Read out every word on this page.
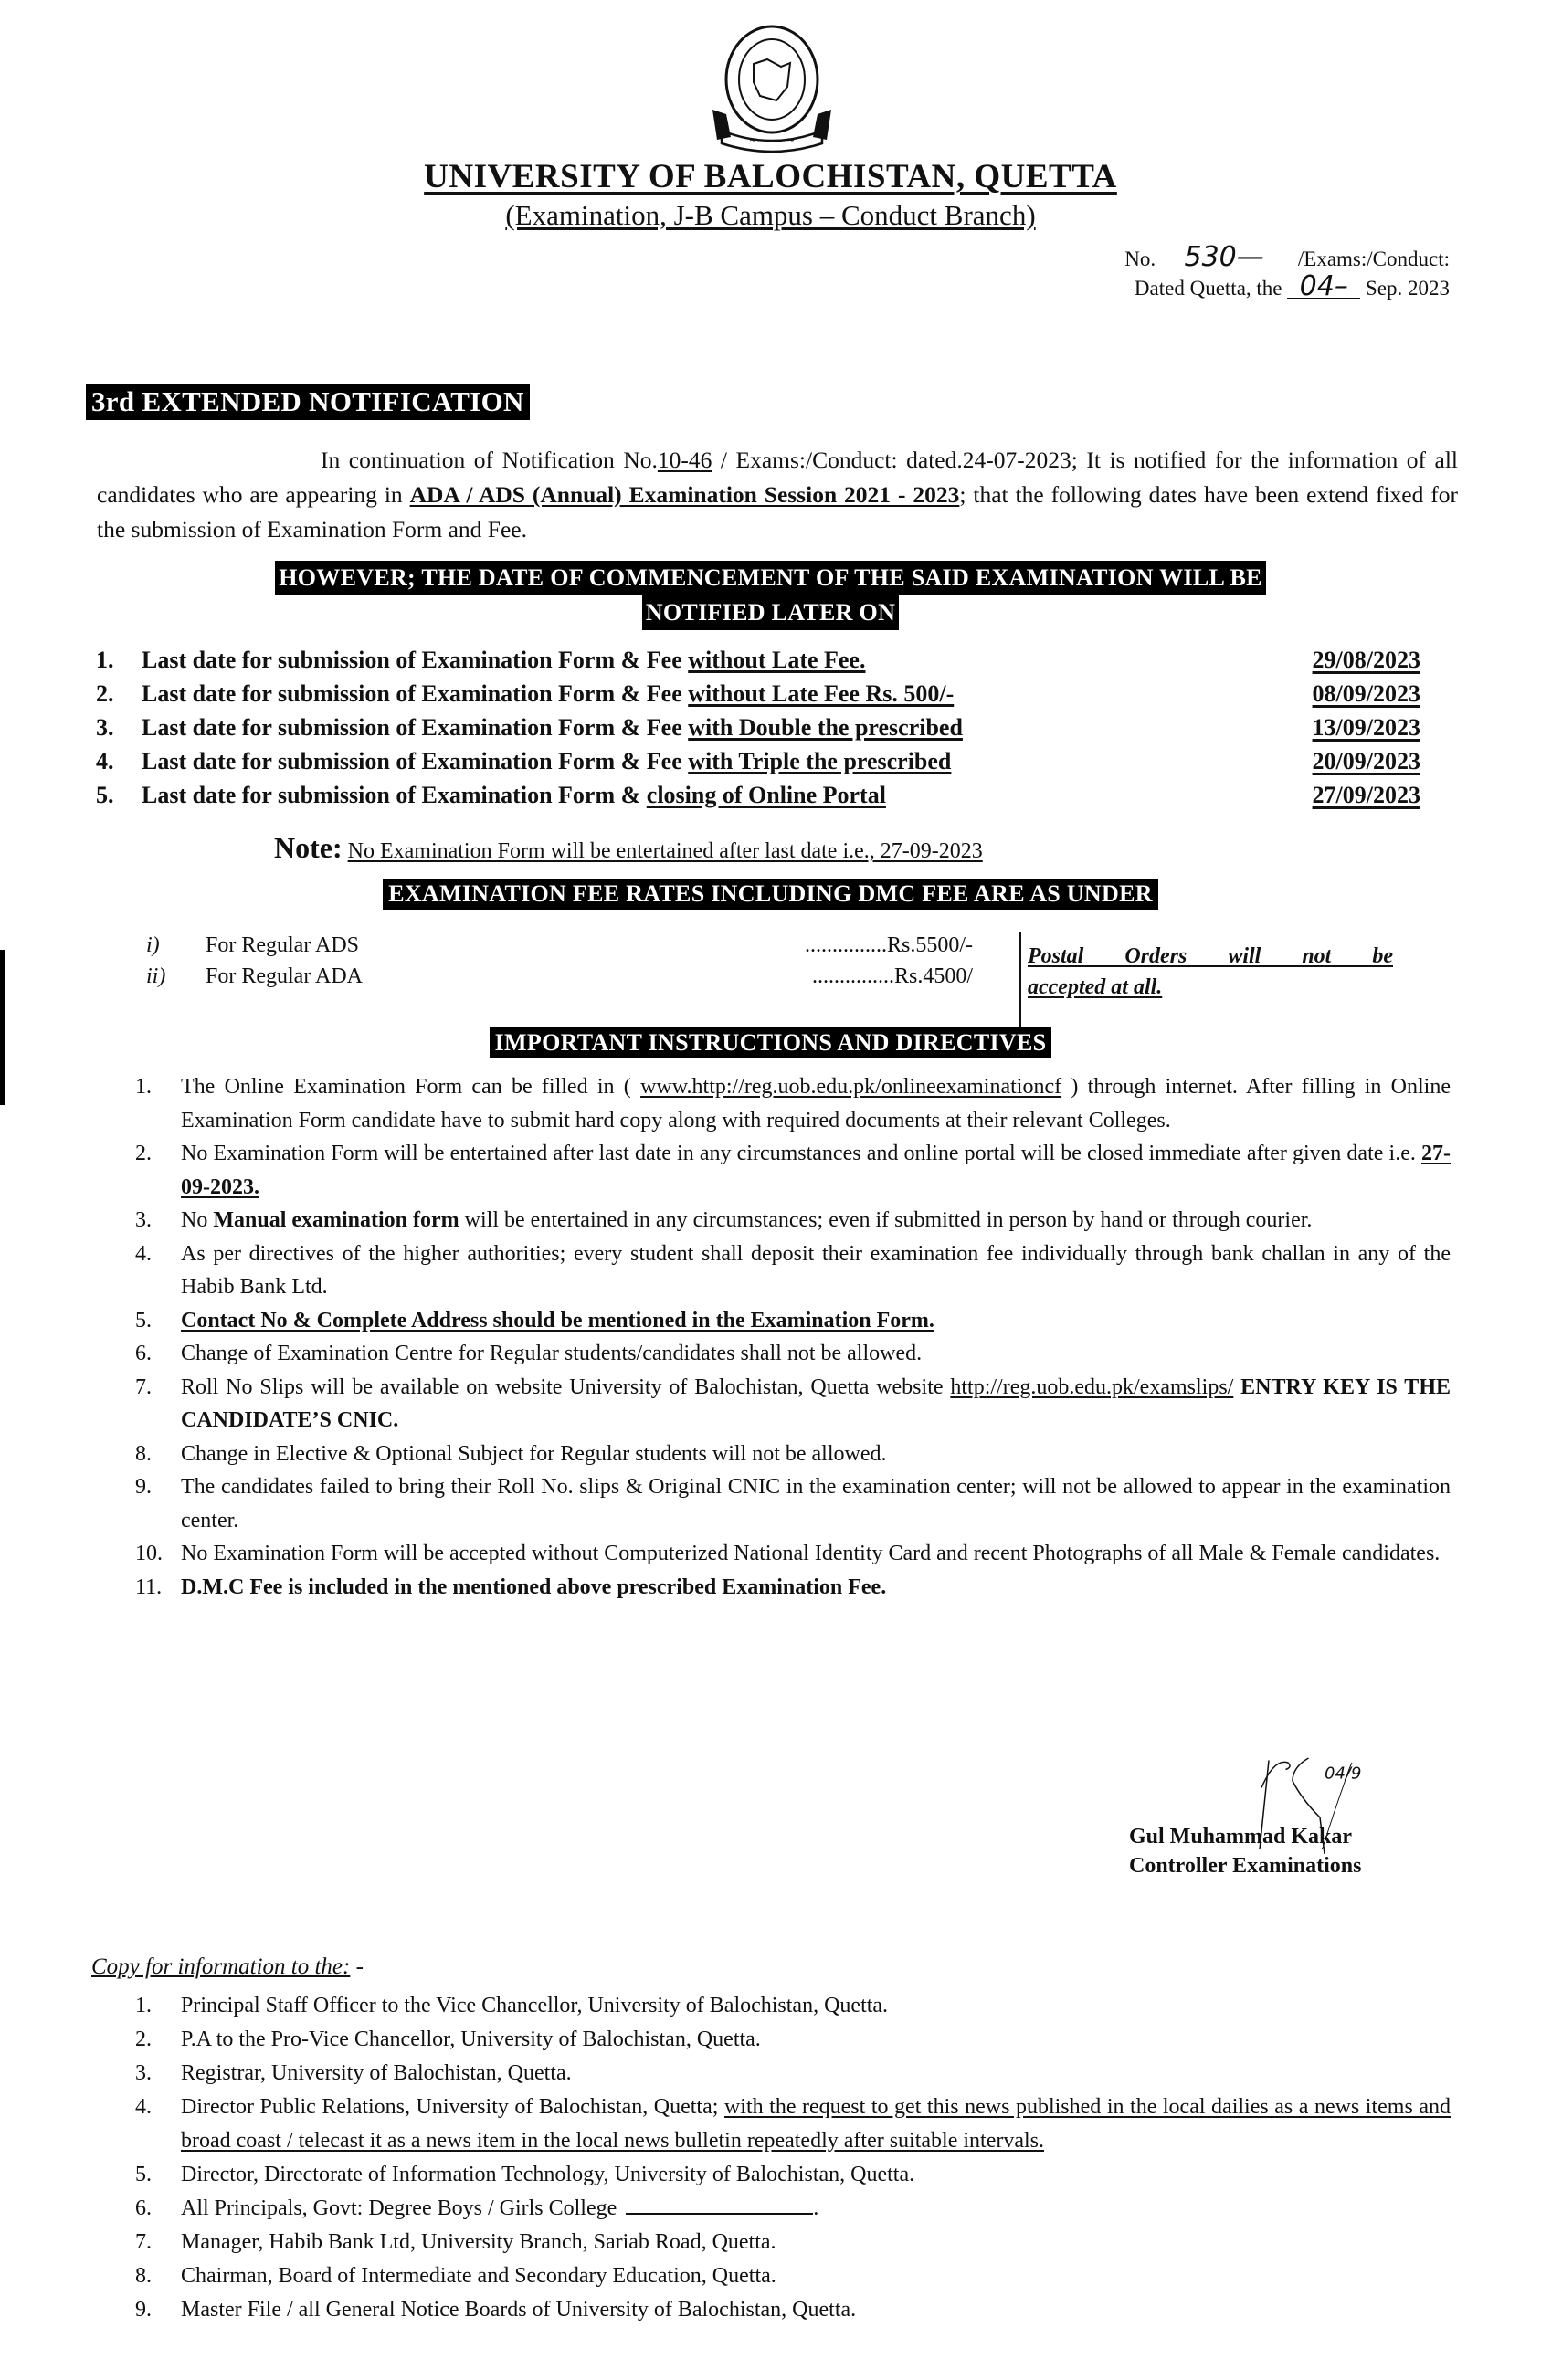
~~~~~~
UNIVERSITY OF BALOCHISTAN, QUETTA
(Examination, J-B Campus – Conduct Branch)
No. 530— /Exams:/Conduct:
Dated Quetta, the 04– Sep. 2023
3rd EXTENDED NOTIFICATION
In continuation of Notification No.10-46 / Exams:/Conduct: dated.24-07-2023; It is notified for the information of all candidates who are appearing in ADA / ADS (Annual) Examination Session 2021 - 2023; that the following dates have been extend fixed for the submission of Examination Form and Fee.
HOWEVER; THE DATE OF COMMENCEMENT OF THE SAID EXAMINATION WILL BE
NOTIFIED LATER ON
1.	Last date for submission of Examination Form & Fee without Late Fee.	29/08/2023
2.	Last date for submission of Examination Form & Fee without Late Fee Rs. 500/-	08/09/2023
3.	Last date for submission of Examination Form & Fee with Double the prescribed	13/09/2023
4.	Last date for submission of Examination Form & Fee with Triple the prescribed	20/09/2023
5.	Last date for submission of Examination Form & closing of Online Portal	27/09/2023
Note: No Examination Form will be entertained after last date i.e., 27-09-2023
EXAMINATION FEE RATES INCLUDING DMC FEE ARE AS UNDER
i)	For Regular ADS	...............Rs.5500/-
ii)	For Regular ADA	...............Rs.4500/
Postal Orders will not be
accepted at all.
IMPORTANT INSTRUCTIONS AND DIRECTIVES
1.	The Online Examination Form can be filled in ( www.http://reg.uob.edu.pk/onlineexaminationcf ) through internet. After filling in Online Examination Form candidate have to submit hard copy along with required documents at their relevant Colleges.
2.	No Examination Form will be entertained after last date in any circumstances and online portal will be closed immediate after given date i.e. 27-09-2023.
3.	No Manual examination form will be entertained in any circumstances; even if submitted in person by hand or through courier.
4.	As per directives of the higher authorities; every student shall deposit their examination fee individually through bank challan in any of the Habib Bank Ltd.
5.	Contact No & Complete Address should be mentioned in the Examination Form.
6.	Change of Examination Centre for Regular students/candidates shall not be allowed.
7.	Roll No Slips will be available on website University of Balochistan, Quetta website http://reg.uob.edu.pk/examslips/ ENTRY KEY IS THE CANDIDATE’S CNIC.
8.	Change in Elective & Optional Subject for Regular students will not be allowed.
9.	The candidates failed to bring their Roll No. slips & Original CNIC in the examination center; will not be allowed to appear in the examination center.
10. No Examination Form will be accepted without Computerized National Identity Card and recent Photographs of all Male & Female candidates.
11. D.M.C Fee is included in the mentioned above prescribed Examination Fee.
04/9
Gul Muhammad Kakar
Controller Examinations
Copy for information to the: -
1.	Principal Staff Officer to the Vice Chancellor, University of Balochistan, Quetta.
2.	P.A to the Pro-Vice Chancellor, University of Balochistan, Quetta.
3.	Registrar, University of Balochistan, Quetta.
4.	Director Public Relations, University of Balochistan, Quetta; with the request to get this news published in the local dailies as a news items and broad coast / telecast it as a news item in the local news bulletin repeatedly after suitable intervals.
5.	Director, Directorate of Information Technology, University of Balochistan, Quetta.
6.	All Principals, Govt: Degree Boys / Girls College	.
7.	Manager, Habib Bank Ltd, University Branch, Sariab Road, Quetta.
8.	Chairman, Board of Intermediate and Secondary Education, Quetta.
9.	Master File / all General Notice Boards of University of Balochistan, Quetta.
